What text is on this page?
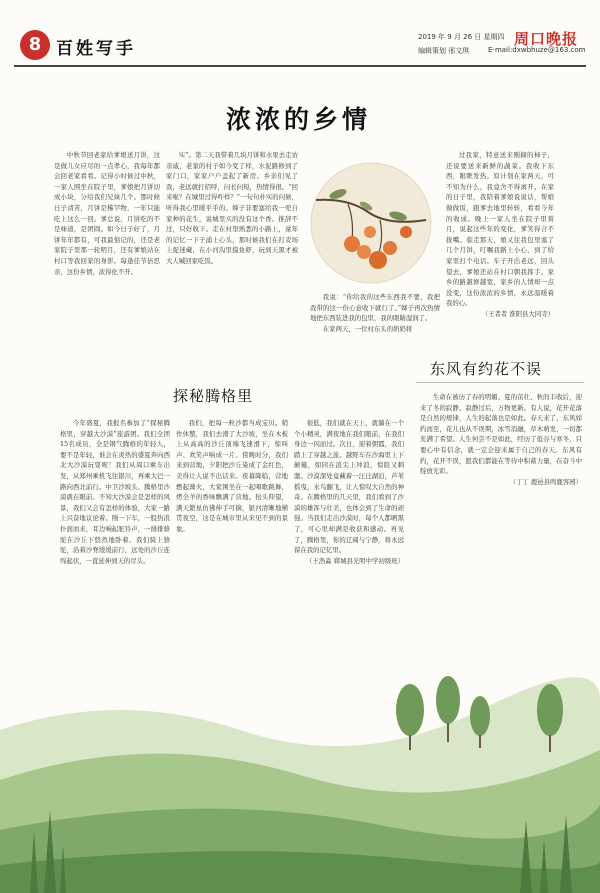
8 百姓写手
2019 年 9 月 26 日 星期四
编辑策划 邢文琪	E-mail:dxwbhuze@163.com
周口晚报
浓浓的乡情

中秋节回老家给爹娘送月饼，这是做儿女应尽的一点孝心，我每年都会回老家看看。记得小时候过中秋，一家人围坐在院子里，爹娘把月饼切成小块，分给我们兄妹几个。那时候日子清苦，月饼是稀罕物，一年只能吃上这么一回。爹总说，月饼吃的不是味道，是团圆。如今日子好了，月饼年年都有，可我最惦记的，还是老家院子里那一轮明月，还有爹娘站在村口等我回家的身影。每逢佳节倍思亲，这份乡情，浓得化不开。

实”。第二天我带着几块月饼和水果去走访亲戚，老家的村子如今变了样，水泥路修到了家门口，家家户户盖起了新房。乡亲们见了我，老远就打招呼，问长问短，热情得很。“回来啦？在城里过得咋样？”一句句朴实的问候，听得我心里暖乎乎的。婶子非要塞给我一兜自家种的花生，说城里买的没有这个香。推辞不过，只好收下。走在村里熟悉的小路上，童年的记忆一下子涌上心头，那时候我们在打麦场上捉迷藏，在小河沟里摸鱼虾，玩到天黑才被大人喊回家吃饭。

我说：“你给我的这些东西我不要，我把我带的这一份心意收下就行了。”婶子再次热情地把东西装进我的包里，我的眼睛湿润了。

在家两天，一位村东头的奶奶将

过我家，特意送来刚摘的柿子，还说要送来新鲜的蔬菜。我收下东西，眼眶发热。原计划在家两天，可不知为什么，我竟舍不得离开。在家的日子里，我陪着爹娘说说话，帮娘做做饭，跟爹去地里转转，看看今年的收成。晚上一家人坐在院子里赏月，说起这些年的变化，爹笑得合不拢嘴。临走那天，娘又往我包里塞了几个月饼，叮嘱我路上小心，到了给家里打个电话。车子开出老远，回头望去，爹娘还站在村口朝我挥手。家乡的路越修越宽，家乡的人情却一点没变，这份浓浓的乡情，永远温暖着我的心。

（王者者 淮阳县大同寺）

探秘腾格里

今年盛夏，我报名参加了“探秘腾格里，穿越大沙漠”旅游团。我们全团15名成员，全是钢气腾格的年轻人，要不是年轻，谁会在炎热的盛夏奔向西北大沙漠玩耍呢！我们从周口乘车出发，从郑州乘机飞往银川，再乘大巴一路向西北前行。中卫沙坡头、腾格里沙漠就在眼前。不知大沙漠会是怎样的风景，我们又会有怎样的体验，大家一路上兴奋地议论着。刚一下车，一股热浪扑面而来，耳边响起驼铃声，一排排骆驼在沙丘下悠然地卧着。我们骑上骆驼，沿着沙脊缓缓前行，远处的沙丘连绵起伏，一直延伸到天的尽头。

我们，把每一粒沙都当成宝贝。稍作休整，我们去滑了大沙坡，坐在木板上从高高的沙丘顶端飞速滑下，惊叫声、欢笑声响成一片。傍晚时分，我们来到营地，夕阳把沙丘染成了金红色，美得让人说不出话来。夜幕降临，营地燃起篝火，大家围坐在一起唱歌跳舞，烤全羊的香味飘满了营地。抬头仰望，满天繁星仿佛伸手可摘，银河清晰地横贯夜空，这是在城市里从来见不到的景象。

很低，我们就在天上，就躺在一个个小精灵，满夜地在我们眼前，在我们身边一闪而过。次日，迎着朝霞，我们踏上了穿越之旅。越野车在沙海里上下颠簸，如同在浪尖上冲浪，惊险又刺激。沙漠深处竟藏着一汪汪湖泊，芦苇摇曳，水鸟翻飞，让人惊叹大自然的神奇。在腾格里的几天里，我们看到了沙漠的雄浑与壮美，也体会到了生命的顽强。当我们走出沙漠时，每个人都晒黑了，可心里却满是收获和感动。再见了，腾格里，你的辽阔与宁静，将永远留在我的记忆里。

（王浩淼 郸城县光明中学初级班）

东风有约花不误

生命在被历了春的明媚、夏的茁壮、秋的丰收后，迎来了冬的寂静。寂静过后，万物更新。有人说，花开花落是自然的规律，人生的起落也是如此。春天来了，东风如约而至，花儿也从不误期，冰雪消融，草木萌发，一切都充满了希望。人生何尝不是如此，经历了低谷与寒冬，只要心中有信念，就一定会迎来属于自己的春天。东风有约，花开不误，愿我们都能在等待中积蓄力量，在奋斗中绽放光彩。

（丁丁 鹿邑县鸣鹿客园）
